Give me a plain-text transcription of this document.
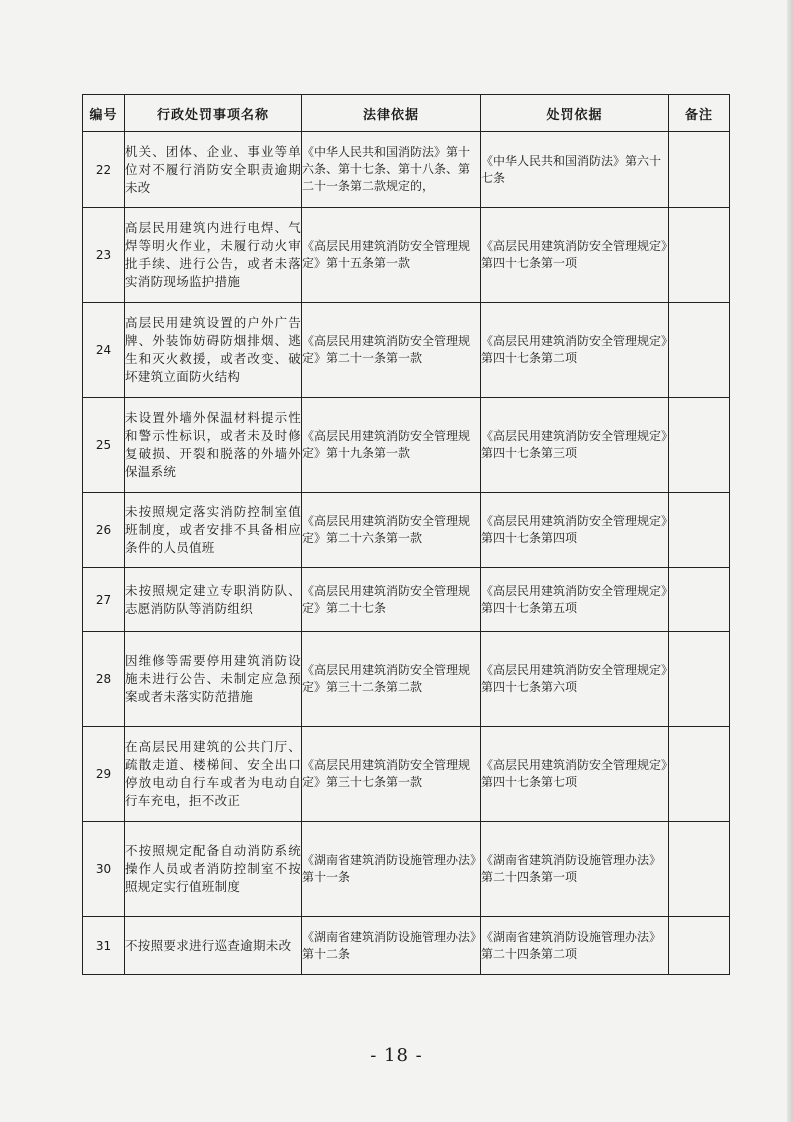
编号	行政处罚事项名称	法律依据	处罚依据	备注
22	机关、团体、企业、事业等单位对不履行消防安全职责逾期未改	《中华人民共和国消防法》第十六条、第十七条、第十八条、第二十一条第二款规定的，	《中华人民共和国消防法》第六十七条	
23	高层民用建筑内进行电焊、气焊等明火作业，未履行动火审批手续、进行公告，或者未落实消防现场监护措施	《高层民用建筑消防安全管理规定》第十五条第一款	《高层民用建筑消防安全管理规定》第四十七条第一项	
24	高层民用建筑设置的户外广告牌、外装饰妨碍防烟排烟、逃生和灭火救援，或者改变、破坏建筑立面防火结构	《高层民用建筑消防安全管理规定》第二十一条第一款	《高层民用建筑消防安全管理规定》第四十七条第二项	
25	未设置外墙外保温材料提示性和警示性标识，或者未及时修复破损、开裂和脱落的外墙外保温系统	《高层民用建筑消防安全管理规定》第十九条第一款	《高层民用建筑消防安全管理规定》第四十七条第三项	
26	未按照规定落实消防控制室值班制度，或者安排不具备相应条件的人员值班	《高层民用建筑消防安全管理规定》第二十六条第一款	《高层民用建筑消防安全管理规定》第四十七条第四项	
27	未按照规定建立专职消防队、志愿消防队等消防组织	《高层民用建筑消防安全管理规定》第二十七条	《高层民用建筑消防安全管理规定》第四十七条第五项	
28	因维修等需要停用建筑消防设施未进行公告、未制定应急预案或者未落实防范措施	《高层民用建筑消防安全管理规定》第三十二条第二款	《高层民用建筑消防安全管理规定》第四十七条第六项	
29	在高层民用建筑的公共门厅、疏散走道、楼梯间、安全出口停放电动自行车或者为电动自行车充电，拒不改正	《高层民用建筑消防安全管理规定》第三十七条第一款	《高层民用建筑消防安全管理规定》第四十七条第七项	
30	不按照规定配备自动消防系统操作人员或者消防控制室不按照规定实行值班制度	《湖南省建筑消防设施管理办法》第十一条	《湖南省建筑消防设施管理办法》第二十四条第一项	
31	不按照要求进行巡查逾期未改	《湖南省建筑消防设施管理办法》第十二条	《湖南省建筑消防设施管理办法》第二十四条第二项	
- 18 -
